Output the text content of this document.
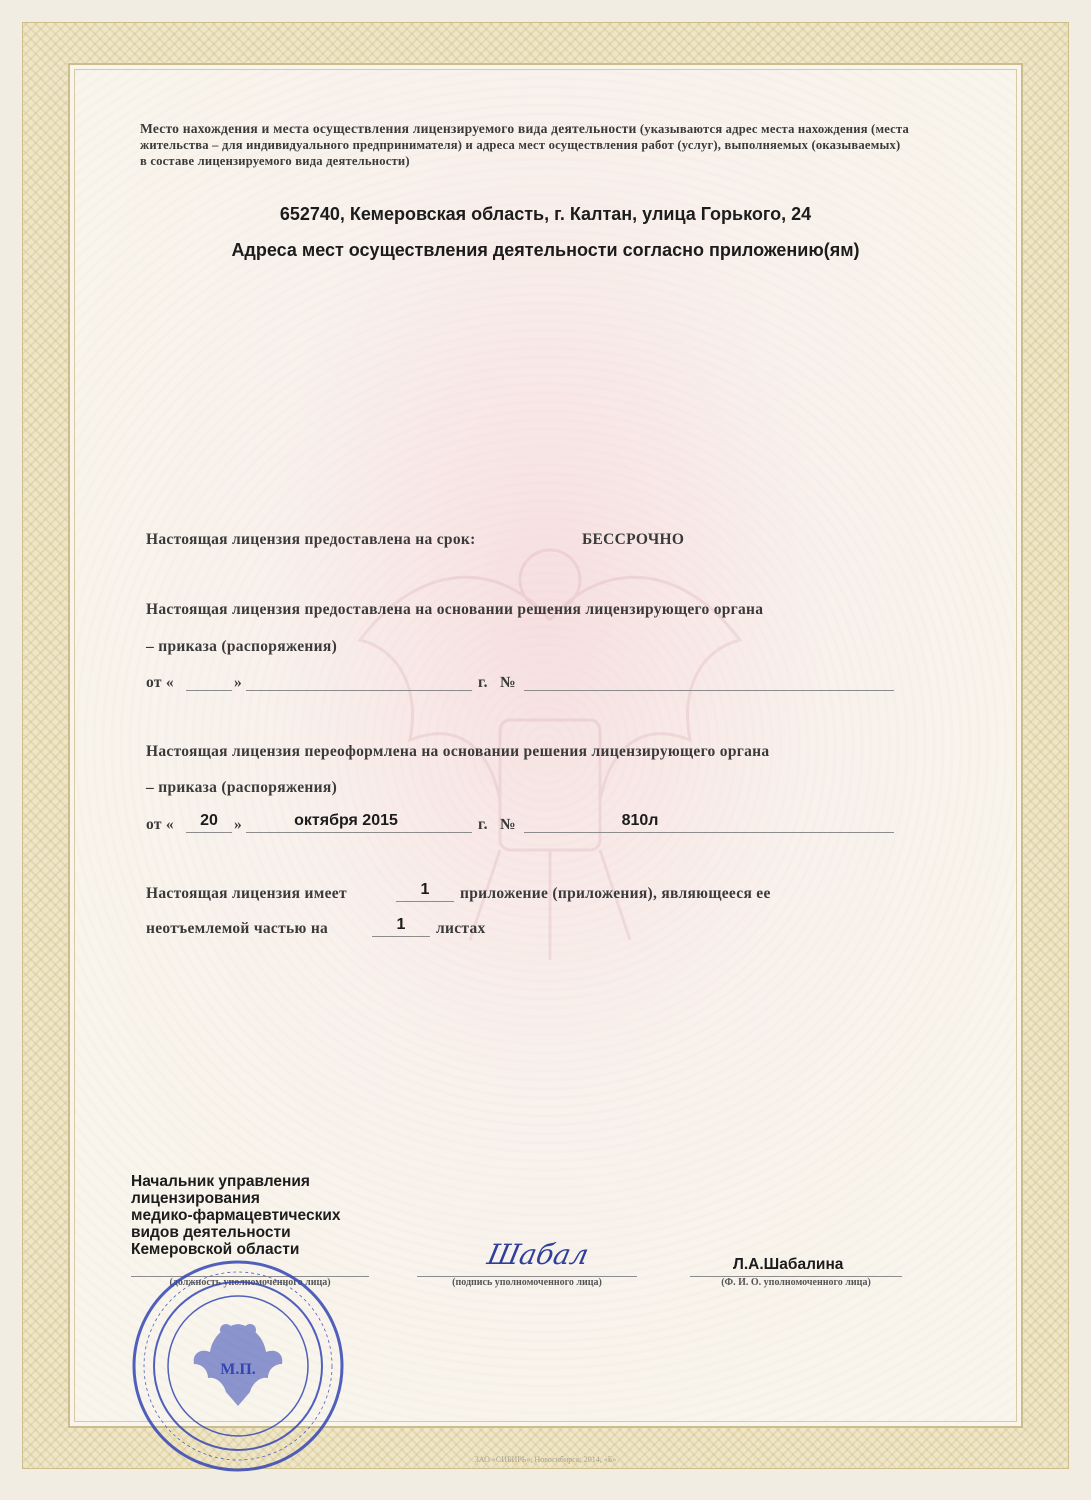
Место нахождения и места осуществления лицензируемого вида деятельности (указываются адрес места нахождения (места жительства – для индивидуального предпринимателя) и адреса мест осуществления работ (услуг), выполняемых (оказываемых) в составе лицензируемого вида деятельности)
652740, Кемеровская область, г. Калтан, улица Горького, 24
Адреса мест осуществления деятельности согласно приложению(ям)
Настоящая лицензия предоставлена на срок:	БЕССРОЧНО
Настоящая лицензия предоставлена на основании решения лицензирующего органа
– приказа (распоряжения)
от «	»	г. №
Настоящая лицензия переоформлена на основании решения лицензирующего органа
– приказа (распоряжения)
от «	20	»	октября 2015	г. №	810л
Настоящая лицензия имеет	1	приложение (приложения), являющееся ее
неотъемлемой частью на	1	листах
Начальник управления
лицензирования
медико-фармацевтических
видов деятельности
Кемеровской области
(должность уполномоченного лица)
Шабал
(подпись уполномоченного лица)
Л.А.Шабалина
(Ф. И. О. уполномоченного лица)
М.П.
ЗАО «СИБИРЬ», Новосибирск, 2014, «Б»
